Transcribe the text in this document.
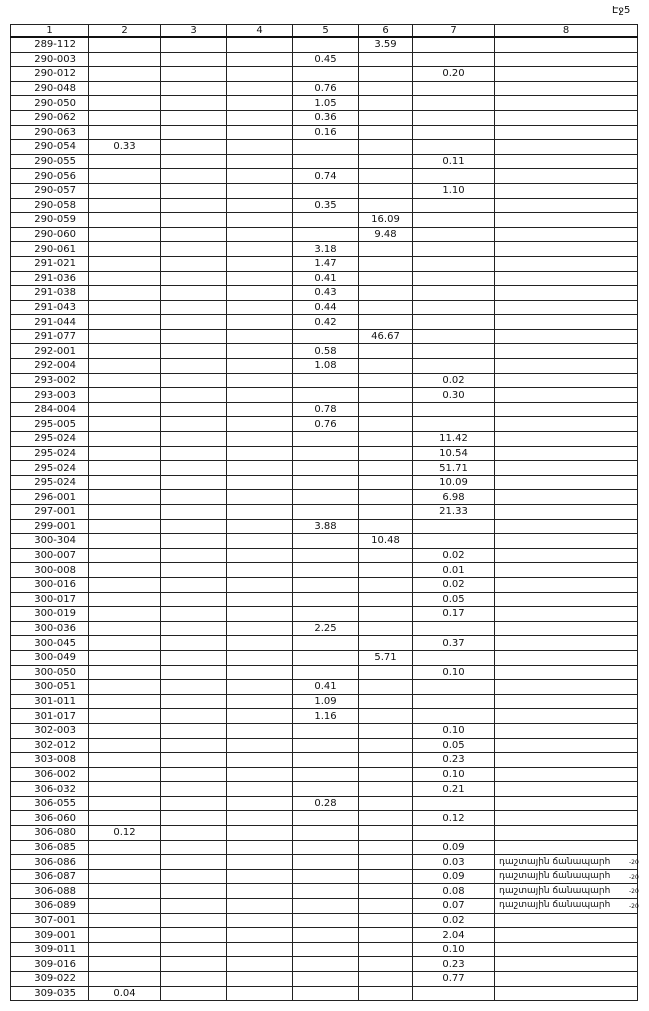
Էջ5
1	2	3	4	5	6	7	8
289-112					3.59		
290-003				0.45			
290-012						0.20	
290-048				0.76			
290-050				1.05			
290-062				0.36			
290-063				0.16			
290-054	0.33						
290-055						0.11	
290-056				0.74			
290-057						1.10	
290-058				0.35			
290-059					16.09		
290-060					9.48		
290-061				3.18			
291-021				1.47			
291-036				0.41			
291-038				0.43			
291-043				0.44			
291-044				0.42			
291-077					46.67		
292-001				0.58			
292-004				1.08			
293-002						0.02	
293-003						0.30	
284-004				0.78			
295-005				0.76			
295-024						11.42	
295-024						10.54	
295-024						51.71	
295-024						10.09	
296-001						6.98	
297-001						21.33	
299-001				3.88			
300-304					10.48		
300-007						0.02	
300-008						0.01	
300-016						0.02	
300-017						0.05	
300-019						0.17	
300-036				2.25			
300-045						0.37	
300-049					5.71		
300-050						0.10	
300-051				0.41			
301-011				1.09			
301-017				1.16			
302-003						0.10	
302-012						0.05	
303-008						0.23	
306-002						0.10	
306-032						0.21	
306-055				0.28			
306-060						0.12	
306-080	0.12						
306-085						0.09	
306-086						0.03	դաշտային ճանապարհ -20

306-087						0.09	դաշտային ճանապարհ -20

306-088						0.08	դաշտային ճանապարհ -20

306-089						0.07	դաշտային ճանապարհ -20

307-001						0.02	
309-001						2.04	
309-011						0.10	
309-016						0.23	
309-022						0.77	
309-035	0.04						
